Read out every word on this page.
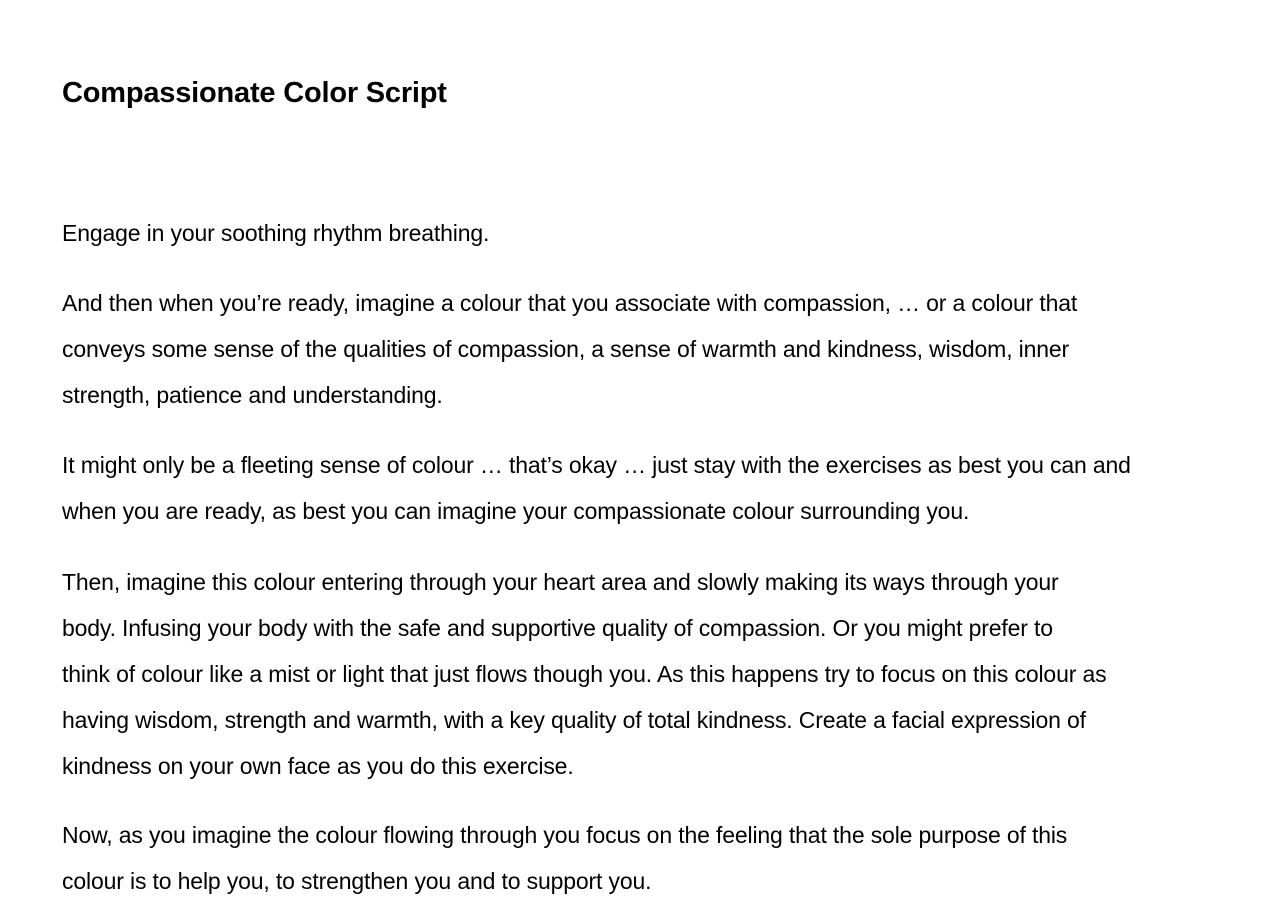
Compassionate Color Script

Engage in your soothing rhythm breathing.

And then when you’re ready, imagine a colour that you associate with compassion, … or a colour that
conveys some sense of the qualities of compassion, a sense of warmth and kindness, wisdom, inner
strength, patience and understanding.

It might only be a fleeting sense of colour … that’s okay … just stay with the exercises as best you can and
when you are ready, as best you can imagine your compassionate colour surrounding you.

Then, imagine this colour entering through your heart area and slowly making its ways through your
body. Infusing your body with the safe and supportive quality of compassion. Or you might prefer to
think of colour like a mist or light that just flows though you. As this happens try to focus on this colour as
having wisdom, strength and warmth, with a key quality of total kindness. Create a facial expression of
kindness on your own face as you do this exercise.

Now, as you imagine the colour flowing through you focus on the feeling that the sole purpose of this
colour is to help you, to strengthen you and to support you.
